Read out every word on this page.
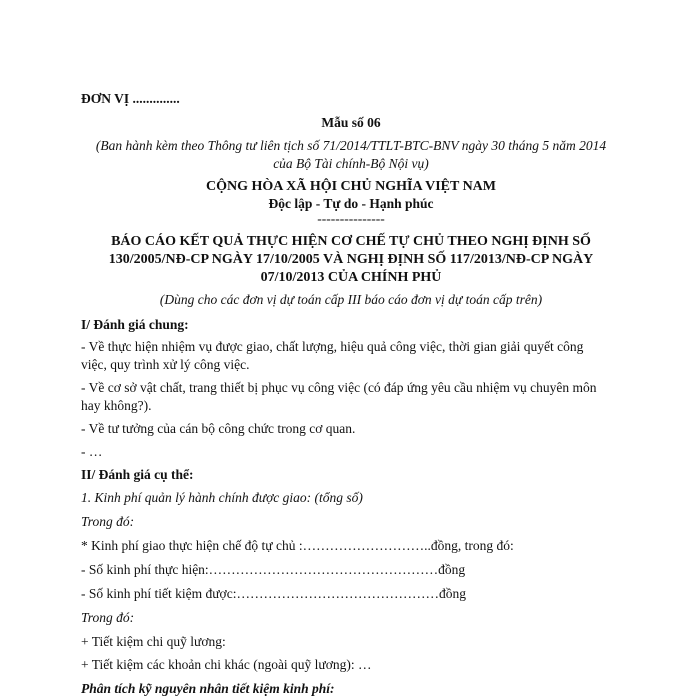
ĐƠN VỊ ..............
Mẫu số 06
(Ban hành kèm theo Thông tư liên tịch số 71/2014/TTLT-BTC-BNV ngày 30 tháng 5 năm 2014
của Bộ Tài chính-Bộ Nội vụ)
CỘNG HÒA XÃ HỘI CHỦ NGHĨA VIỆT NAM
Độc lập - Tự do - Hạnh phúc
---------------
BÁO CÁO KẾT QUẢ THỰC HIỆN CƠ CHẾ TỰ CHỦ THEO NGHỊ ĐỊNH SỐ
130/2005/NĐ-CP NGÀY 17/10/2005 VÀ NGHỊ ĐỊNH SỐ 117/2013/NĐ-CP NGÀY
07/10/2013 CỦA CHÍNH PHỦ
(Dùng cho các đơn vị dự toán cấp III báo cáo đơn vị dự toán cấp trên)
I/ Đánh giá chung:
- Về thực hiện nhiệm vụ được giao, chất lượng, hiệu quả công việc, thời gian giải quyết công
việc, quy trình xử lý công việc.
- Về cơ sở vật chất, trang thiết bị phục vụ công việc (có đáp ứng yêu cầu nhiệm vụ chuyên môn
hay không?).
- Về tư tưởng của cán bộ công chức trong cơ quan.
- …
II/ Đánh giá cụ thể:
1. Kinh phí quản lý hành chính được giao: (tổng số)
Trong đó:
* Kinh phí giao thực hiện chế độ tự chủ :………………………..đồng, trong đó:
- Số kinh phí thực hiện:……………………………………………đồng
- Số kinh phí tiết kiệm được:………………………………………đồng
Trong đó:
+ Tiết kiệm chi quỹ lương:
+ Tiết kiệm các khoản chi khác (ngoài quỹ lương): …
Phân tích kỹ nguyên nhân tiết kiệm kinh phí:
